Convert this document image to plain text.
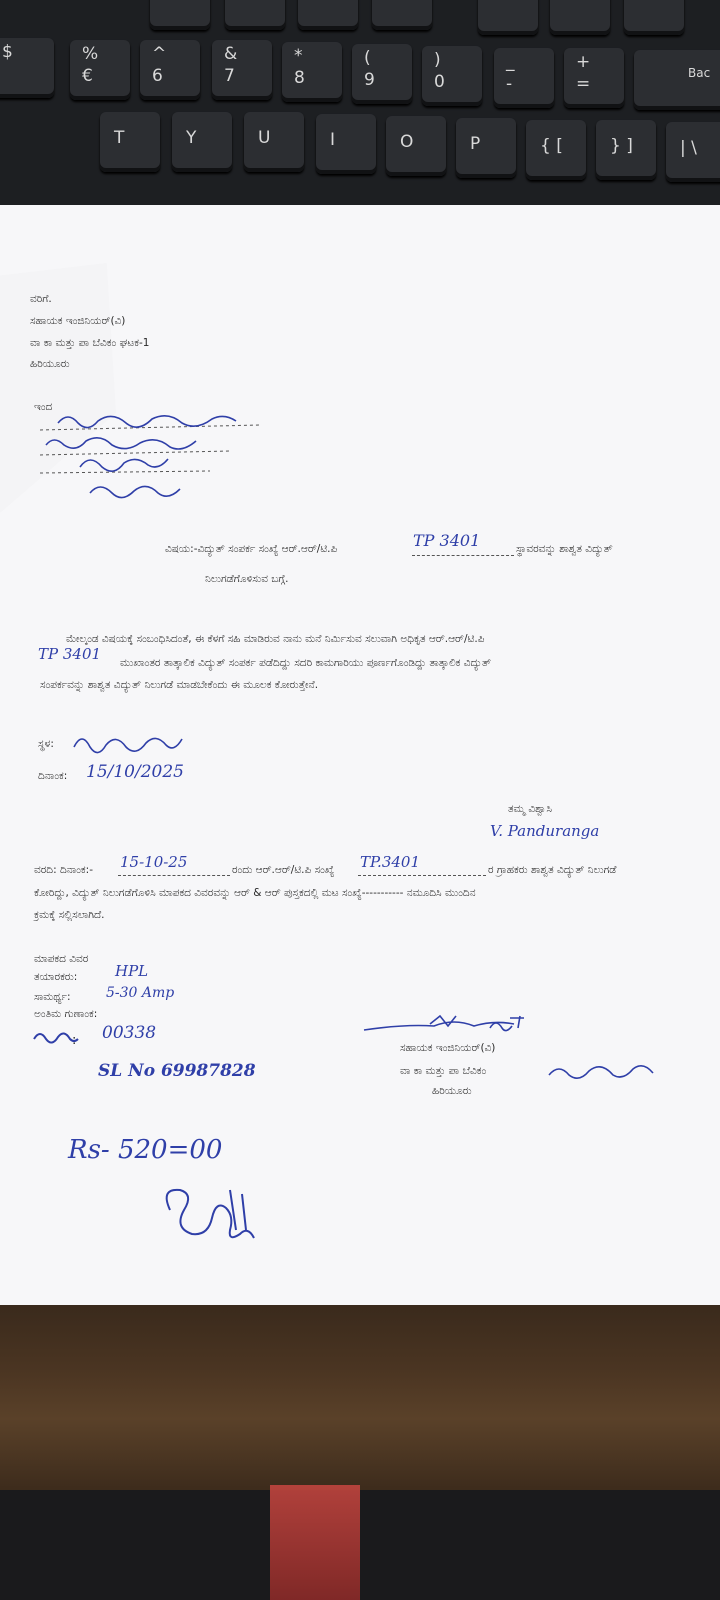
$	%
€
^
6
&
7
*
8
(
9
)
0
_
-
+
=
Bac
T	Y	U	I	O	P	{ [	} ]	| \
ವರಿಗೆ.
ಸಹಾಯಕ ಇಂಜಿನಿಯರ್(ವಿ)
ವಾ ಕಾ ಮತ್ತು ಪಾ ಬೆವಿಕಂ ಘಟಕ-1
ಹಿರಿಯೂರು
ಇಂದ
ವಿಷಯ:-ವಿದ್ಯುತ್ ಸಂಪರ್ಕ ಸಂಖ್ಯೆ ಆರ್.ಆರ್/ಟಿ.ಪಿ	TP 3401	ಸ್ಥಾವರವನ್ನು ಶಾಶ್ವತ ವಿದ್ಯುತ್
ನಿಲುಗಡೆಗೊಳಿಸುವ ಬಗ್ಗೆ.
ಮೇಲ್ಕಂಡ ವಿಷಯಕ್ಕೆ ಸಂಬಂಧಿಸಿದಂತೆ, ಈ ಕೆಳಗೆ ಸಹಿ ಮಾಡಿರುವ ನಾನು ಮನೆ ನಿರ್ಮಿಸುವ ಸಲುವಾಗಿ ಅಧಿಕೃತ ಆರ್.ಆರ್/ಟಿ.ಪಿ
TP 3401 ಮುಖಾಂತರ ತಾತ್ಕಾಲಿಕ ವಿದ್ಯುತ್ ಸಂಪರ್ಕ ಪಡೆದಿದ್ದು ಸದರಿ ಕಾಮಗಾರಿಯು ಪೂರ್ಣಗೊಂಡಿದ್ದು ತಾತ್ಕಾಲಿಕ ವಿದ್ಯುತ್
ಸಂಪರ್ಕವನ್ನು ಶಾಶ್ವತ ವಿದ್ಯುತ್ ನಿಲುಗಡೆ ಮಾಡಬೇಕೆಂದು ಈ ಮೂಲಕ ಕೋರುತ್ತೇನೆ.
ಸ್ಥಳ:
ದಿನಾಂಕ: 15/10/2025
ತಮ್ಮ ವಿಶ್ವಾಸಿ
V. Panduranga
ವರದಿ: ದಿನಾಂಕ:- 15-10-25	ರಂದು ಆರ್.ಆರ್/ಟಿ.ಪಿ ಸಂಖ್ಯೆ TP.3401	ರ ಗ್ರಾಹಕರು ಶಾಶ್ವತ ವಿದ್ಯುತ್ ನಿಲುಗಡೆ
ಕೋರಿದ್ದು, ವಿದ್ಯುತ್ ನಿಲುಗಡೆಗೊಳಿಸಿ ಮಾಪಕದ ವಿವರವನ್ನು ಆರ್ & ಆರ್ ಪುಸ್ತಕದಲ್ಲಿ ಮಟ ಸಂಖ್ಯೆ----------- ನಮೂದಿಸಿ ಮುಂದಿನ
ಕ್ರಮಕ್ಕೆ ಸಲ್ಲಿಸಲಾಗಿದೆ.
ಮಾಪಕದ ವಿವರ
ತಯಾರಕರು:	HPL
ಸಾಮರ್ಥ್ಯ:	5-30 Amp
ಅಂತಿಮ ಗುಣಾಂಕ:
: 00338
SL No 69987828
ಸಹಾಯಕ ಇಂಜಿನಿಯರ್(ವಿ)
ವಾ ಕಾ ಮತ್ತು ಪಾ ಬೆವಿಕಂ
ಹಿರಿಯೂರು
Rs- 520=00
